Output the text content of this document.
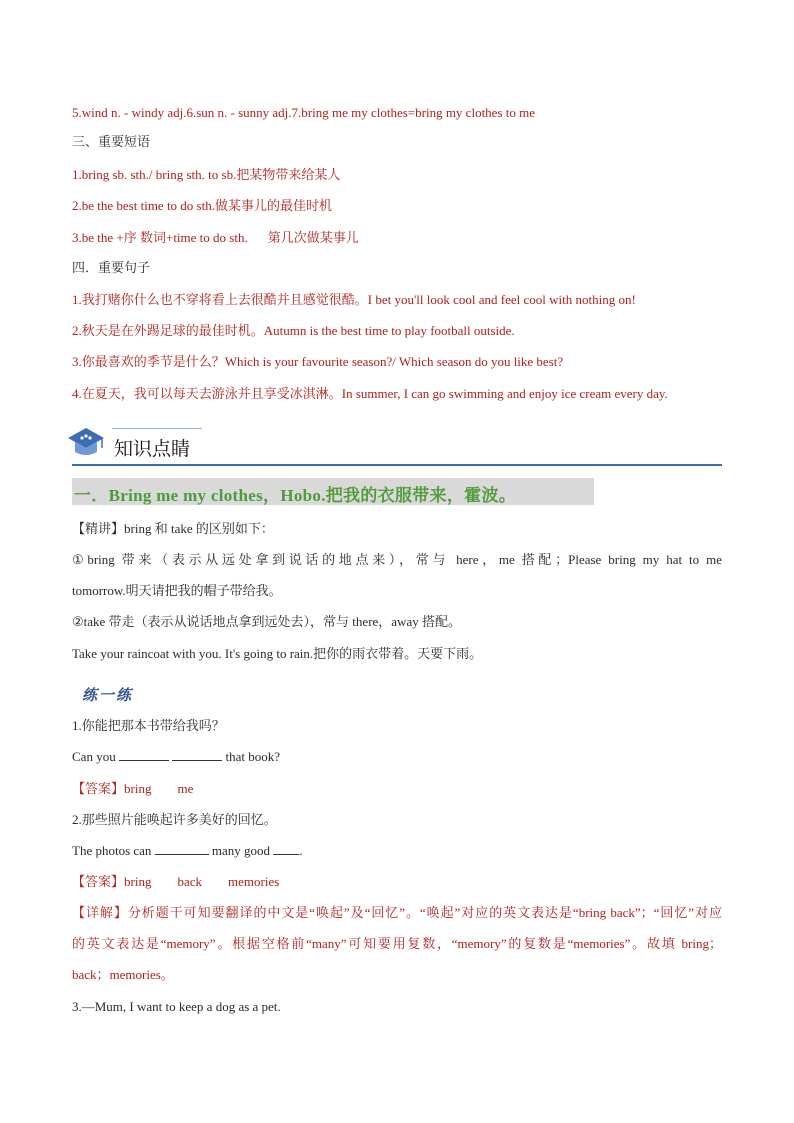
5.wind n. - windy adj.6.sun n. - sunny adj.7.bring me my clothes=bring my clothes to me
三、重要短语
1.bring sb. sth./ bring sth. to sb.把某物带来给某人
2.be the best time to do sth.做某事儿的最佳时机
3.be the +序 数词+time to do sth. 第几次做某事儿
四．重要句子
1.我打赌你什么也不穿将看上去很酷并且感觉很酷。I bet you'll look cool and feel cool with nothing on!
2.秋天是在外踢足球的最佳时机。Autumn is the best time to play football outside.
3.你最喜欢的季节是什么？Which is your favourite season?/ Which season do you like best?
4.在夏天，我可以每天去游泳并且享受冰淇淋。In summer, I can go swimming and enjoy ice cream every day.
知识点睛
一．Bring me my clothes，Hobo.把我的衣服带来，霍波。
【精讲】bring 和 take 的区别如下：
①bring 带来（表示从远处拿到说话的地点来），常与 here，me 搭配；Please bring my hat to me
tomorrow.明天请把我的帽子带给我。
②take 带走（表示从说话地点拿到远处去），常与 there，away 搭配。
Take your raincoat with you. It's going to rain.把你的雨衣带着。天要下雨。
练一练
1.你能把那本书带给我吗？
Can you	that book?
【答案】bring me
2.那些照片能唤起许多美好的回忆。
The photos can	many good .
【答案】bring back memories
【详解】分析题干可知要翻译的中文是“唤起”及“回忆”。“唤起”对应的英文表达是“bring back”；“回忆”对应
的英文表达是“memory”。根据空格前“many”可知要用复数，“memory”的复数是“memories”。故填 bring；
back；memories。
3.—Mum, I want to keep a dog as a pet.
